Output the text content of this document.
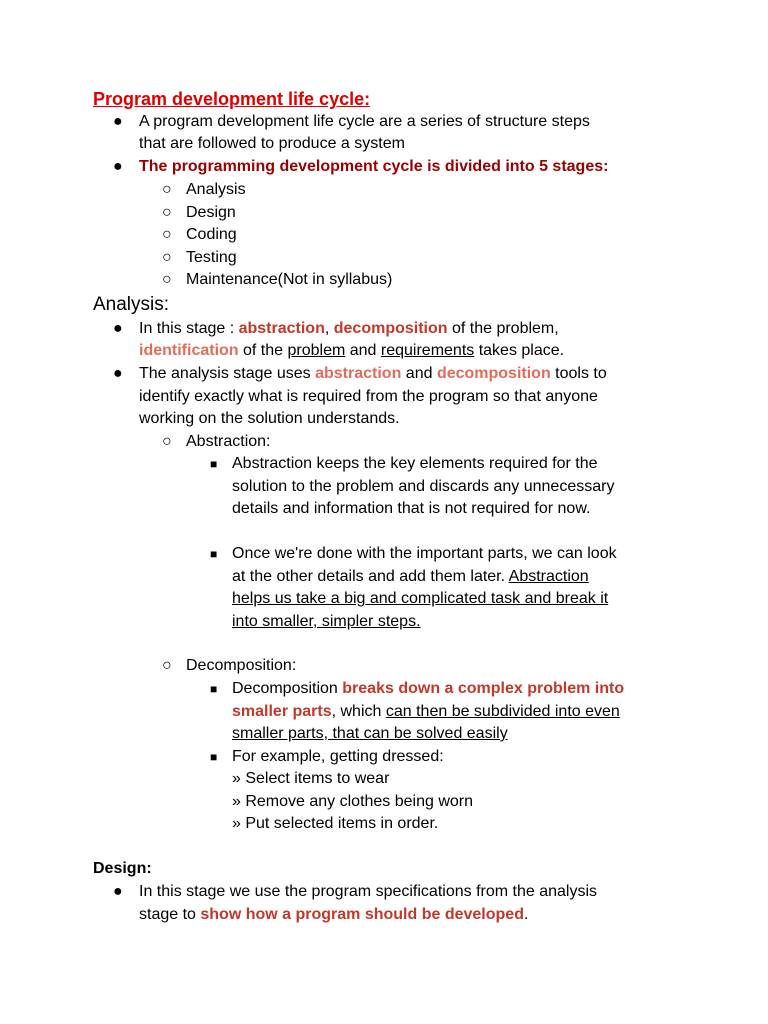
Program development life cycle:
● A program development life cycle are a series of structure steps
that are followed to produce a system
● The programming development cycle is divided into 5 stages:
○ Analysis
○ Design
○ Coding
○ Testing
○ Maintenance(Not in syllabus)
Analysis:
● In this stage : abstraction, decomposition of the problem,
identification of the problem and requirements takes place.
● The analysis stage uses abstraction and decomposition tools to
identify exactly what is required from the program so that anyone
working on the solution understands.
○ Abstraction:
■ Abstraction keeps the key elements required for the
solution to the problem and discards any unnecessary
details and information that is not required for now.
■ Once we're done with the important parts, we can look
at the other details and add them later. Abstraction
helps us take a big and complicated task and break it
into smaller, simpler steps.
○ Decomposition:
■ Decomposition breaks down a complex problem into
smaller parts, which can then be subdivided into even
smaller parts, that can be solved easily
■ For example, getting dressed:
» Select items to wear
» Remove any clothes being worn
» Put selected items in order.
Design:
● In this stage we use the program specifications from the analysis
stage to show how a program should be developed.
